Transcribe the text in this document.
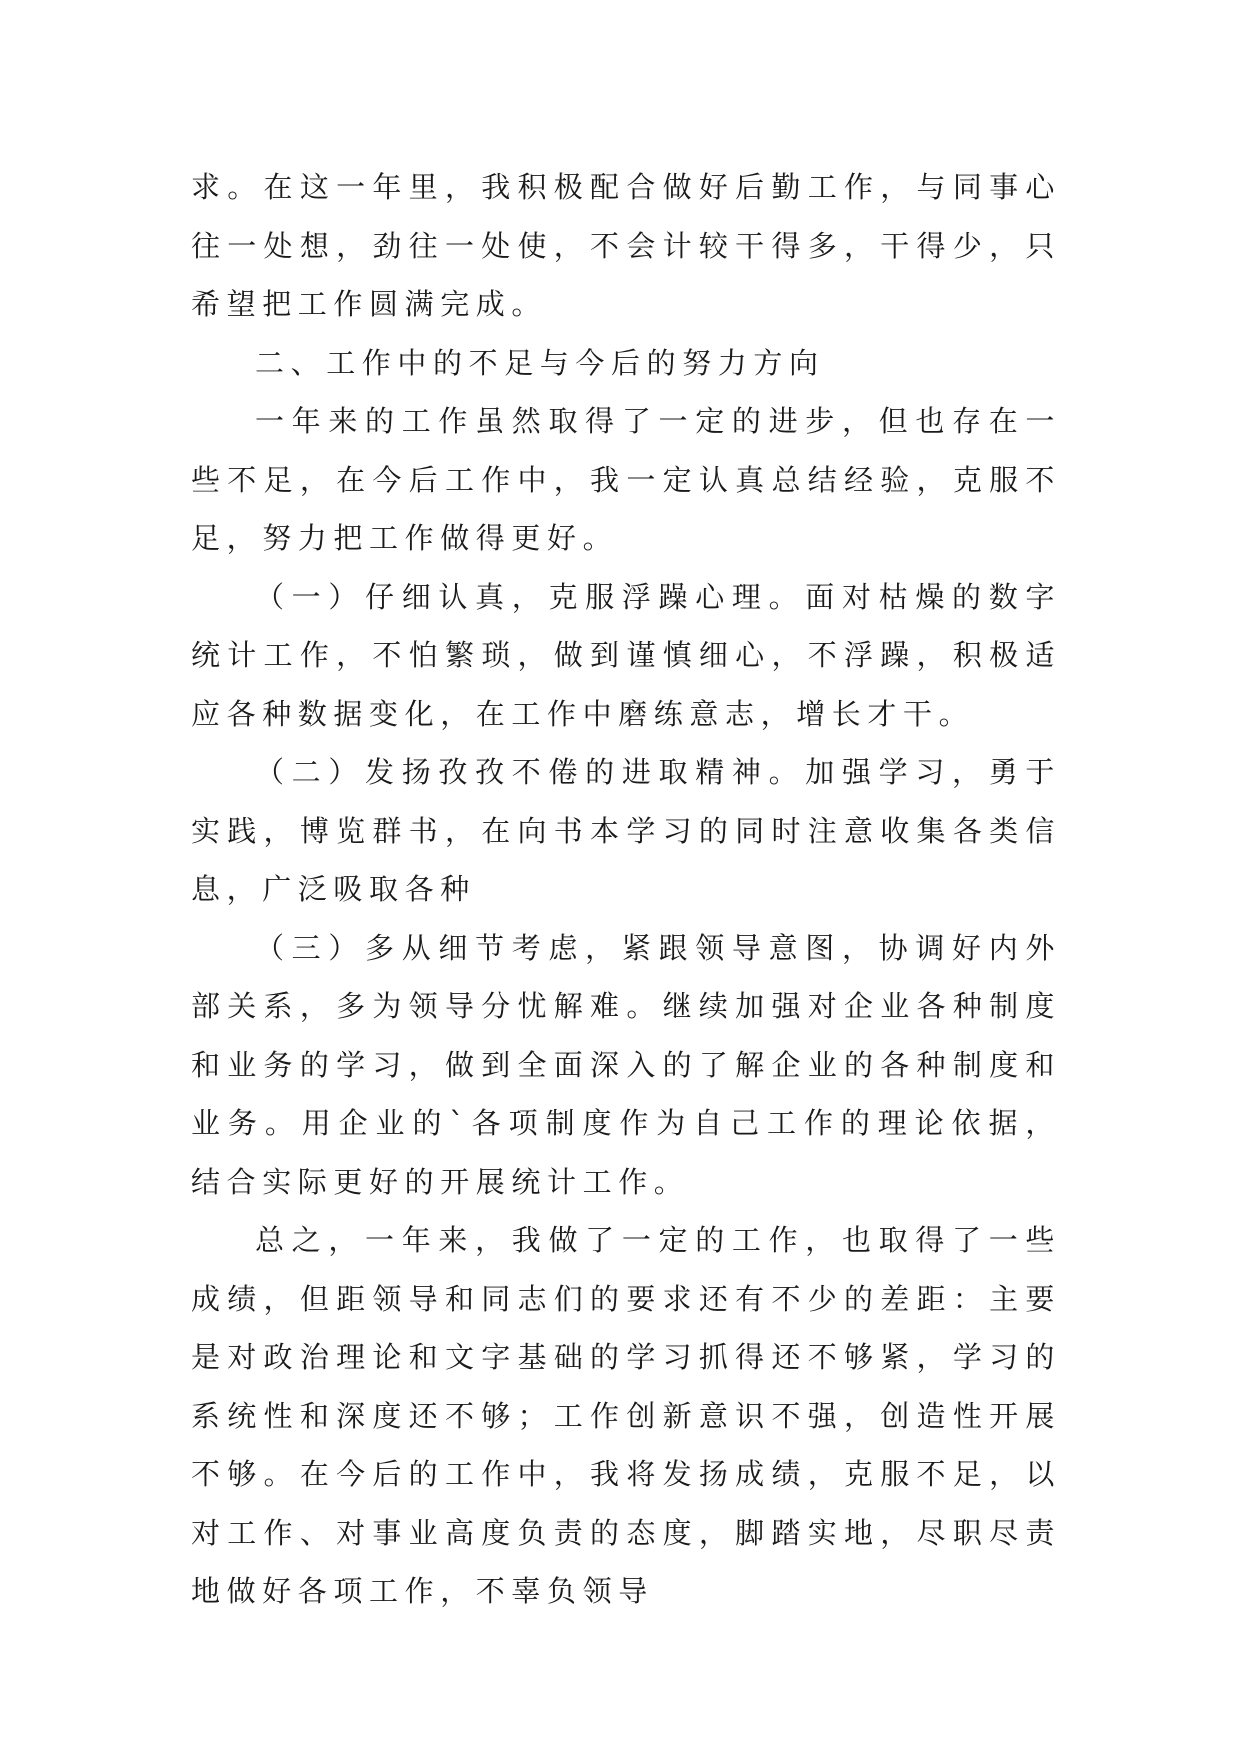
求。在这一年里，我积极配合做好后勤工作，与同事心往一处想，劲往一处使，不会计较干得多，干得少，只希望把工作圆满完成。

二、工作中的不足与今后的努力方向

一年来的工作虽然取得了一定的进步，但也存在一些不足，在今后工作中，我一定认真总结经验，克服不足，努力把工作做得更好。

（一）仔细认真，克服浮躁心理。面对枯燥的数字统计工作，不怕繁琐，做到谨慎细心，不浮躁，积极适应各种数据变化，在工作中磨练意志，增长才干。

（二）发扬孜孜不倦的进取精神。加强学习，勇于实践，博览群书，在向书本学习的同时注意收集各类信息，广泛吸取各种

（三）多从细节考虑，紧跟领导意图，协调好内外部关系，多为领导分忧解难。继续加强对企业各种制度和业务的学习，做到全面深入的了解企业的各种制度和业务。用企业的`各项制度作为自己工作的理论依据，结合实际更好的开展统计工作。

总之，一年来，我做了一定的工作，也取得了一些成绩，但距领导和同志们的要求还有不少的差距：主要是对政治理论和文字基础的学习抓得还不够紧，学习的系统性和深度还不够；工作创新意识不强，创造性开展不够。在今后的工作中，我将发扬成绩，克服不足，以对工作、对事业高度负责的态度，脚踏实地，尽职尽责地做好各项工作，不辜负领导
